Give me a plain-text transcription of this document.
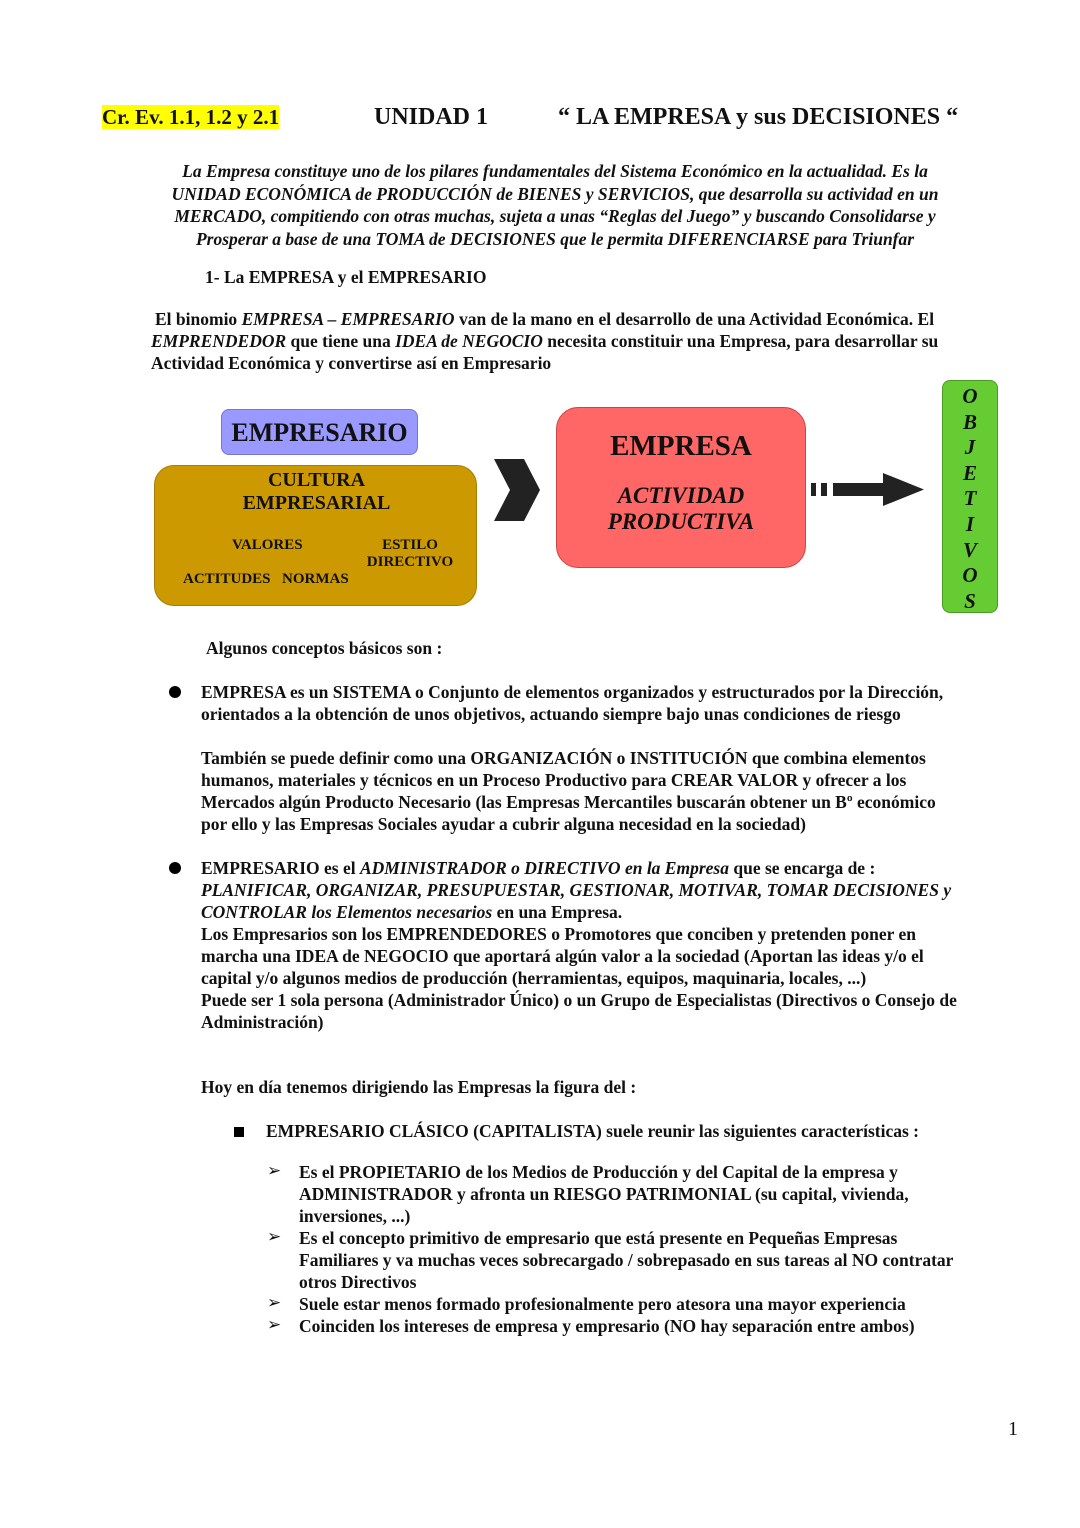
Cr. Ev. 1.1, 1.2 y 2.1	UNIDAD 1	“ LA EMPRESA y sus DECISIONES “
La Empresa constituye uno de los pilares fundamentales del Sistema Económico en la actualidad. Es la
UNIDAD ECONÓMICA de PRODUCCIÓN de BIENES y SERVICIOS, que desarrolla su actividad en un
MERCADO, compitiendo con otras muchas, sujeta a unas “Reglas del Juego” y buscando Consolidarse y
Prosperar a base de una TOMA de DECISIONES que le permita DIFERENCIARSE para Triunfar
1- La EMPRESA y el EMPRESARIO
El binomio EMPRESA – EMPRESARIO van de la mano en el desarrollo de una Actividad Económica. El
EMPRENDEDOR que tiene una IDEA de NEGOCIO necesita constituir una Empresa, para desarrollar su
Actividad Económica y convertirse así en Empresario
EMPRESARIO
CULTURA
EMPRESARIAL
VALORES	ESTILO
DIRECTIVO
ACTITUDES NORMAS
EMPRESA
ACTIVIDAD
PRODUCTIVA
O
B
J
E
T
I
V
O
S
Algunos conceptos básicos son :
EMPRESA es un SISTEMA o Conjunto de elementos organizados y estructurados por la Dirección,
orientados a la obtención de unos objetivos, actuando siempre bajo unas condiciones de riesgo
También se puede definir como una ORGANIZACIÓN o INSTITUCIÓN que combina elementos
humanos, materiales y técnicos en un Proceso Productivo para CREAR VALOR y ofrecer a los
Mercados algún Producto Necesario (las Empresas Mercantiles buscarán obtener un Bº económico
por ello y las Empresas Sociales ayudar a cubrir alguna necesidad en la sociedad)
EMPRESARIO es el ADMINISTRADOR o DIRECTIVO en la Empresa que se encarga de :
PLANIFICAR, ORGANIZAR, PRESUPUESTAR, GESTIONAR, MOTIVAR, TOMAR DECISIONES y
CONTROLAR los Elementos necesarios en una Empresa.
Los Empresarios son los EMPRENDEDORES o Promotores que conciben y pretenden poner en
marcha una IDEA de NEGOCIO que aportará algún valor a la sociedad (Aportan las ideas y/o el
capital y/o algunos medios de producción (herramientas, equipos, maquinaria, locales, ...)
Puede ser 1 sola persona (Administrador Único) o un Grupo de Especialistas (Directivos o Consejo de
Administración)
Hoy en día tenemos dirigiendo las Empresas la figura del :
EMPRESARIO CLÁSICO (CAPITALISTA) suele reunir las siguientes características :
➢ Es el PROPIETARIO de los Medios de Producción y del Capital de la empresa y
ADMINISTRADOR y afronta un RIESGO PATRIMONIAL (su capital, vivienda,
inversiones, ...)
➢ Es el concepto primitivo de empresario que está presente en Pequeñas Empresas
Familiares y va muchas veces sobrecargado / sobrepasado en sus tareas al NO contratar
otros Directivos
➢ Suele estar menos formado profesionalmente pero atesora una mayor experiencia
➢ Coinciden los intereses de empresa y empresario (NO hay separación entre ambos)
1
